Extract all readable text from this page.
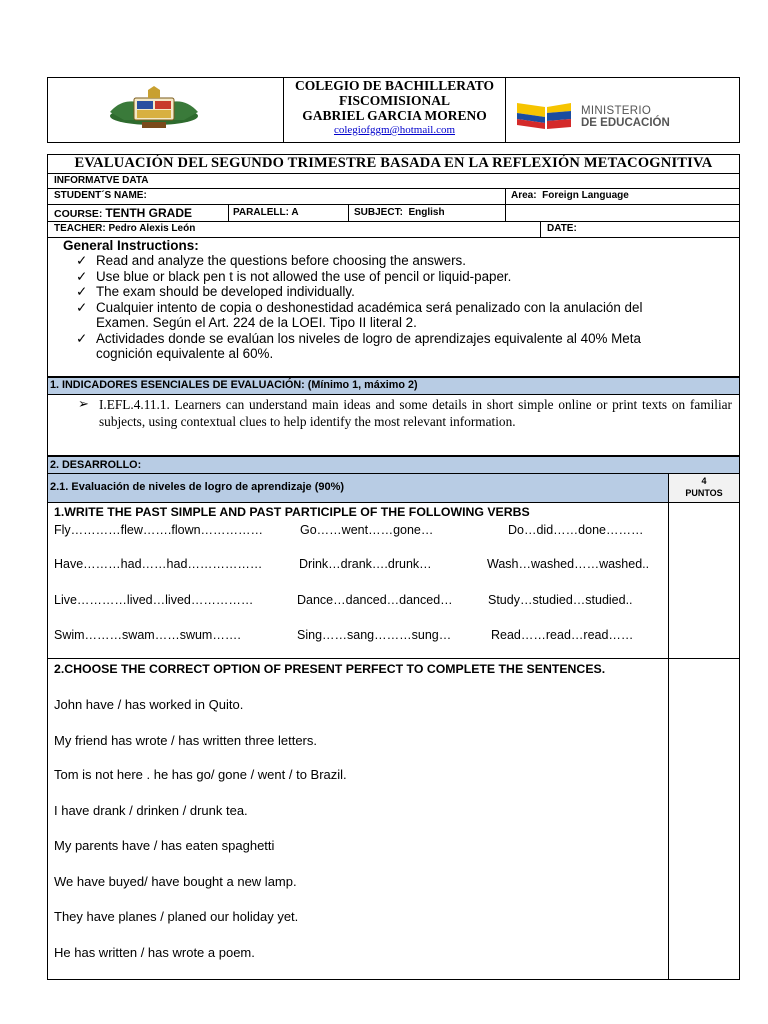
COLEGIO DE BACHILLERATO
FISCOMISIONAL
GABRIEL GARCIA MORENO
colegiofggm@hotmail.com
MINISTERIO
DE EDUCACIÓN
EVALUACIÓN DEL SEGUNDO TRIMESTRE BASADA EN LA REFLEXIÓN METACOGNITIVA
INFORMATVE DATA
STUDENT´S NAME:	Area: Foreign Language
COURSE: TENTH GRADE	PARALELL: A	SUBJECT: English
TEACHER: Pedro Alexis León	DATE:
General Instructions:
✓ Read and analyze the questions before choosing the answers.
✓ Use blue or black pen t is not allowed the use of pencil or liquid-paper.
✓ The exam should be developed individually.
✓ Cualquier intento de copia o deshonestidad académica será penalizado con la anulación del Examen. Según el Art. 224 de la LOEI. Tipo II literal 2.
✓ Actividades donde se evalúan los niveles de logro de aprendizajes equivalente al 40% Meta cognición equivalente al 60%.
1. INDICADORES ESENCIALES DE EVALUACIÓN: (Mínimo 1, máximo 2)
➢ I.EFL.4.11.1. Learners can understand main ideas and some details in short simple online or print texts on familiar subjects, using contextual clues to help identify the most relevant information.
2. DESARROLLO:
2.1. Evaluación de niveles de logro de aprendizaje (90%)	4
PUNTOS
1.WRITE THE PAST SIMPLE AND PAST PARTICIPLE OF THE FOLLOWING VERBS
Fly…………flew…….flown……………	Go……went……gone…	Do…did……done………
Have………had……had………………	Drink…drank….drunk…	Wash…washed……washed..
Live…………lived…lived……………	Dance…danced…danced…	Study…studied…studied..
Swim………swam……swum…….	Sing……sang………sung…	Read……read…read……
2.CHOOSE THE CORRECT OPTION OF PRESENT PERFECT TO COMPLETE THE SENTENCES.
John have / has worked in Quito.
My friend has wrote / has written three letters.
Tom is not here . he has go/ gone / went / to Brazil.
I have drank / drinken / drunk tea.
My parents have / has eaten spaghetti
We have buyed/ have bought a new lamp.
They have planes / planed our holiday yet.
He has written / has wrote a poem.
